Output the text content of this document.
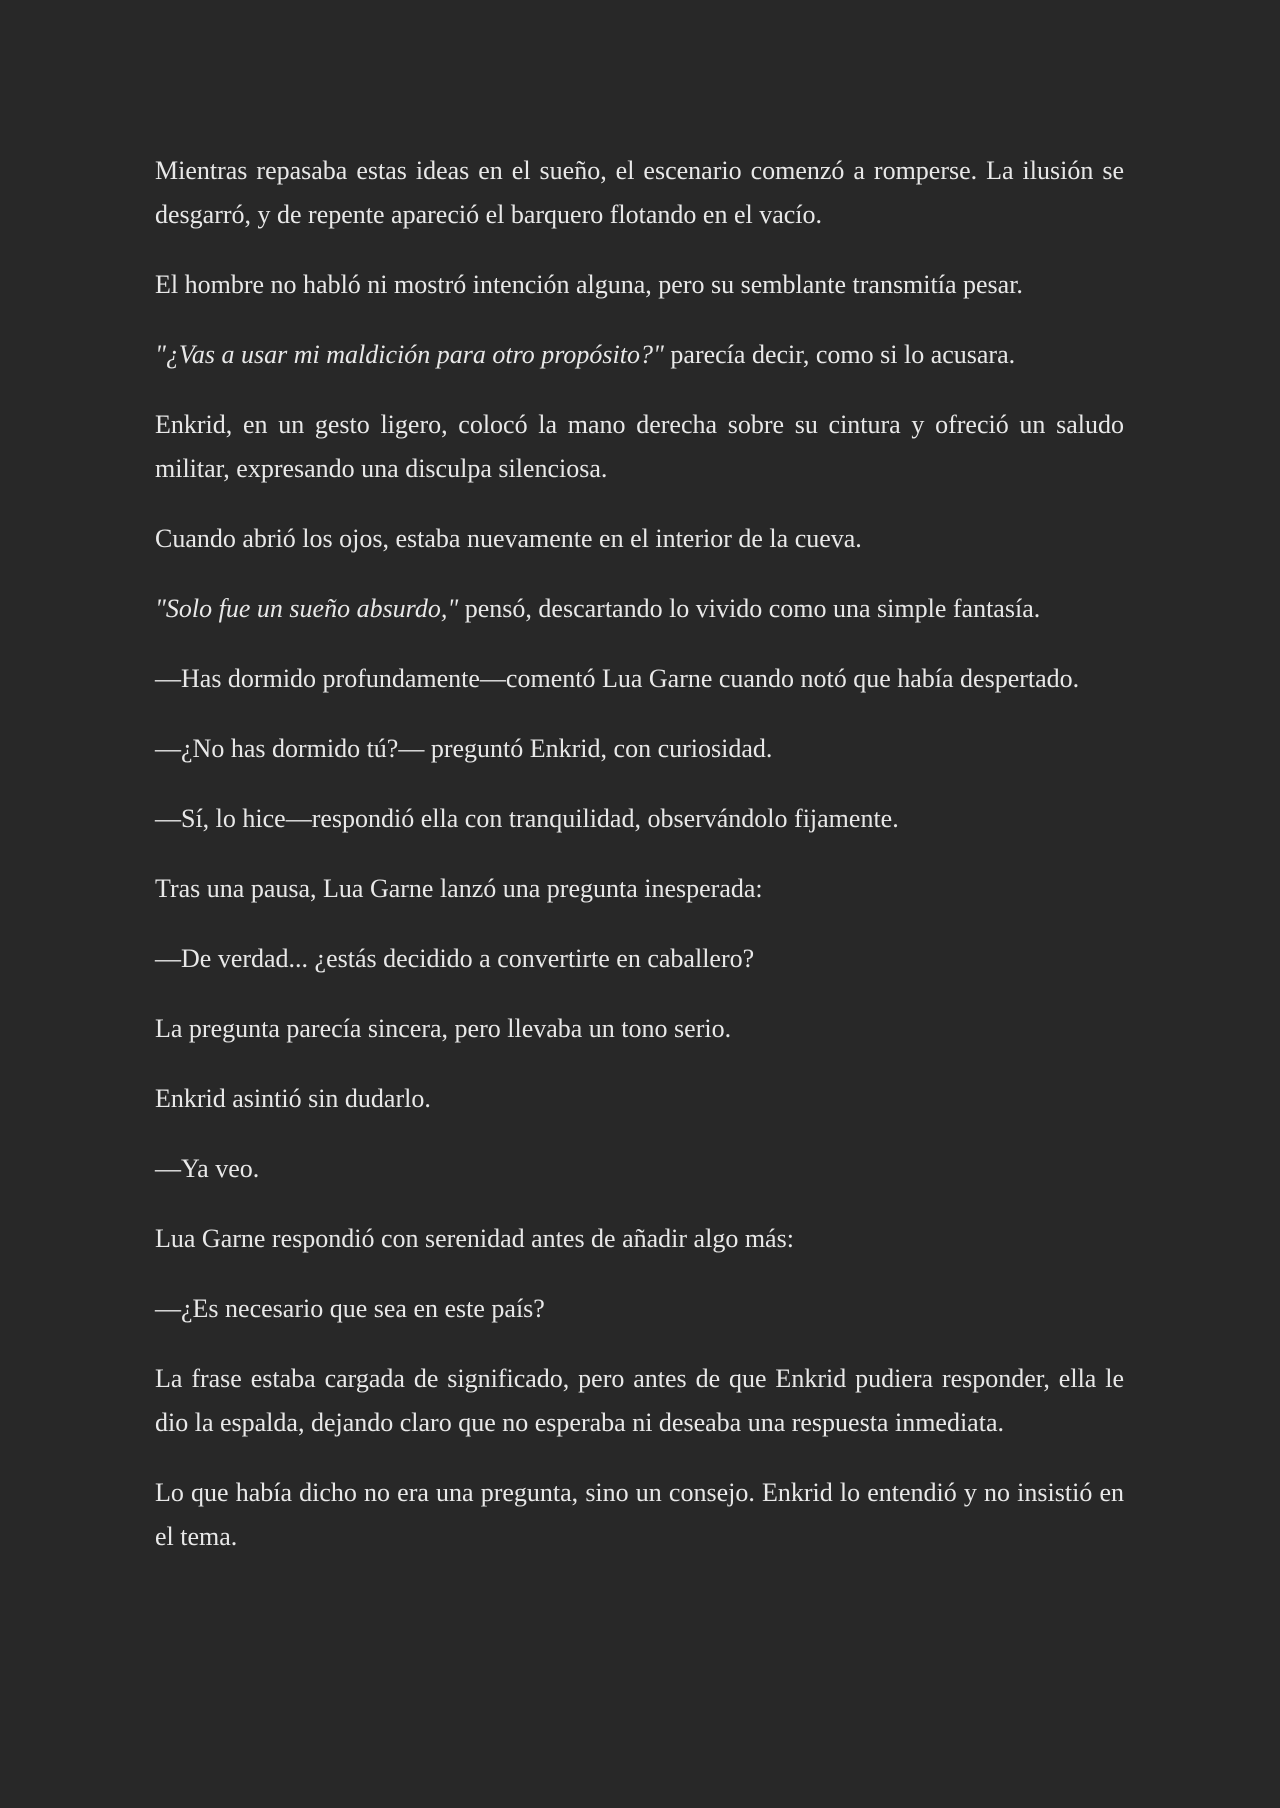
Mientras repasaba estas ideas en el sueño, el escenario comenzó a romperse. La ilusión se desgarró, y de repente apareció el barquero flotando en el vacío.

El hombre no habló ni mostró intención alguna, pero su semblante transmitía pesar.

"¿Vas a usar mi maldición para otro propósito?" parecía decir, como si lo acusara.

Enkrid, en un gesto ligero, colocó la mano derecha sobre su cintura y ofreció un saludo militar, expresando una disculpa silenciosa.

Cuando abrió los ojos, estaba nuevamente en el interior de la cueva.

"Solo fue un sueño absurdo," pensó, descartando lo vivido como una simple fantasía.

—Has dormido profundamente—comentó Lua Garne cuando notó que había despertado.

—¿No has dormido tú?— preguntó Enkrid, con curiosidad.

—Sí, lo hice—respondió ella con tranquilidad, observándolo fijamente.

Tras una pausa, Lua Garne lanzó una pregunta inesperada:

—De verdad... ¿estás decidido a convertirte en caballero?

La pregunta parecía sincera, pero llevaba un tono serio.

Enkrid asintió sin dudarlo.

—Ya veo.

Lua Garne respondió con serenidad antes de añadir algo más:

—¿Es necesario que sea en este país?

La frase estaba cargada de significado, pero antes de que Enkrid pudiera responder, ella le dio la espalda, dejando claro que no esperaba ni deseaba una respuesta inmediata.

Lo que había dicho no era una pregunta, sino un consejo. Enkrid lo entendió y no insistió en el tema.
